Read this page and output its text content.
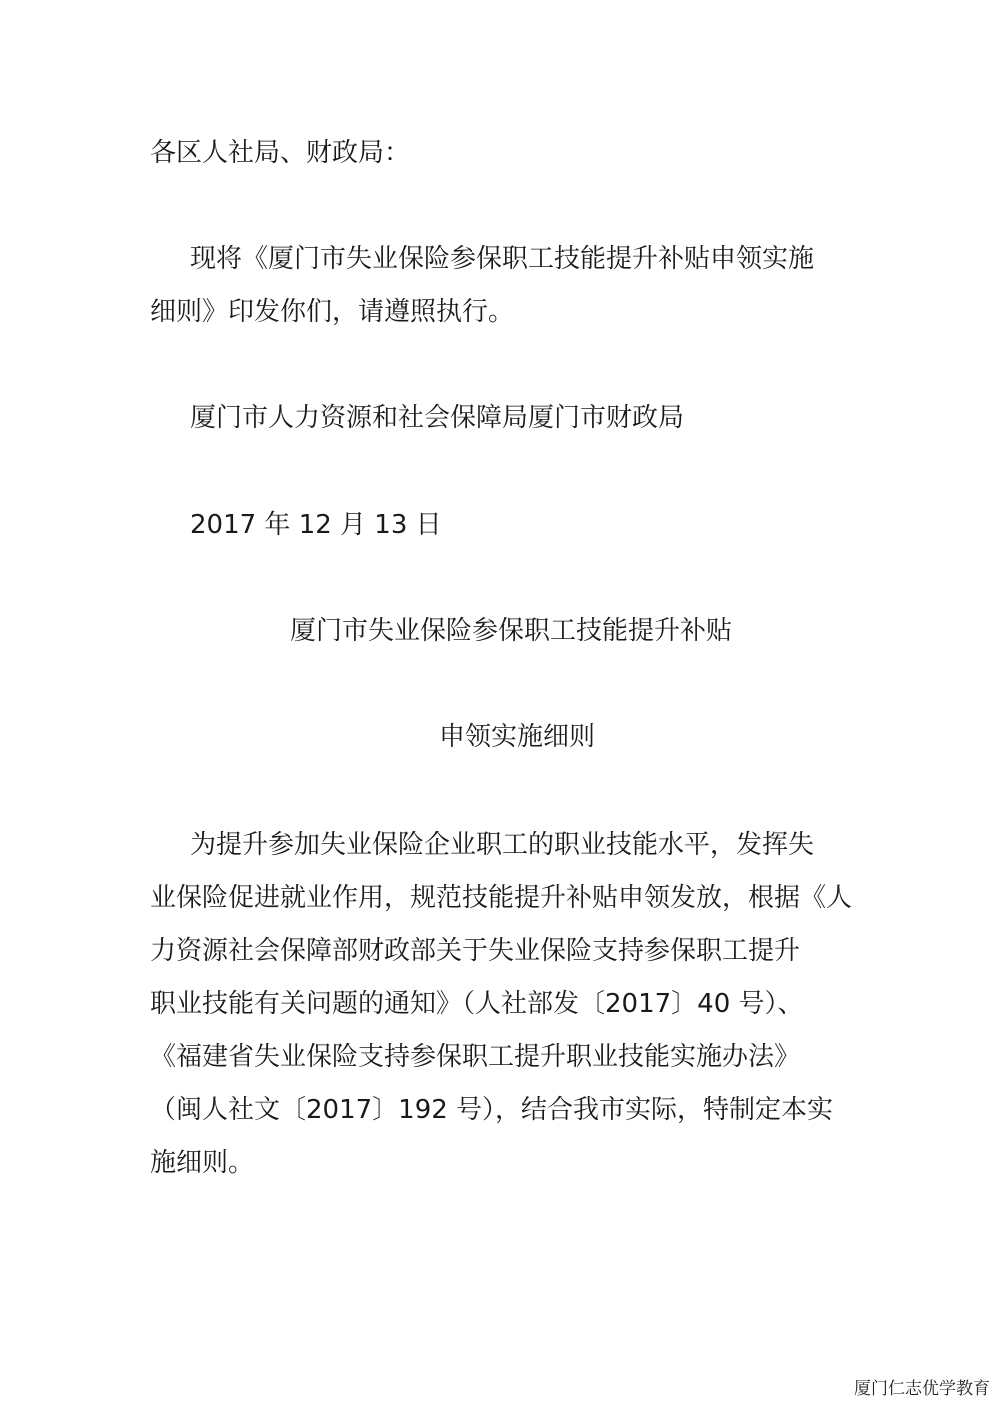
各区人社局、财政局：
现将《厦门市失业保险参保职工技能提升补贴申领实施
细则》印发你们，请遵照执行。
厦门市人力资源和社会保障局厦门市财政局
2017 年 12 月 13 日
厦门市失业保险参保职工技能提升补贴
申领实施细则
为提升参加失业保险企业职工的职业技能水平，发挥失
业保险促进就业作用，规范技能提升补贴申领发放，根据《人
力资源社会保障部财政部关于失业保险支持参保职工提升
职业技能有关问题的通知》（人社部发〔2017〕40 号）、
《福建省失业保险支持参保职工提升职业技能实施办法》
（闽人社文〔2017〕192 号），结合我市实际，特制定本实
施细则。
厦门仁志优学教育
